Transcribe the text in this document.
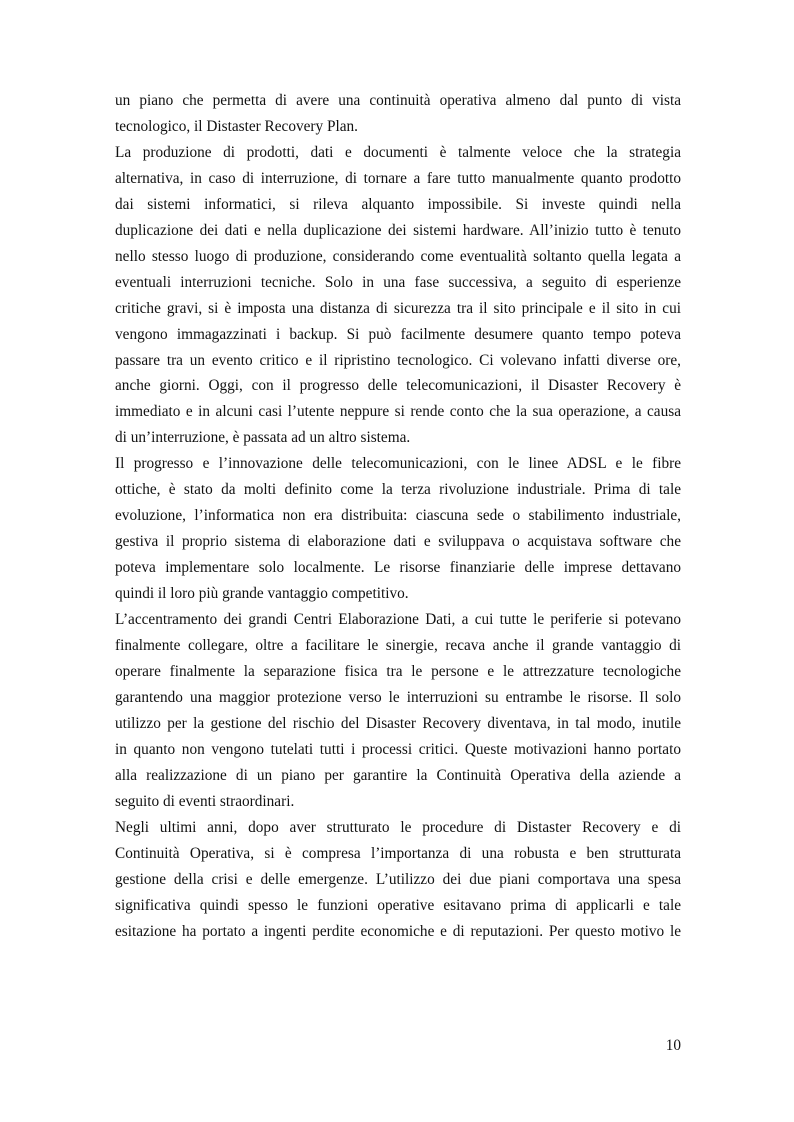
un piano che permetta di avere una continuità operativa almeno dal punto di vista
tecnologico, il Distaster Recovery Plan.

La produzione di prodotti, dati e documenti è talmente veloce che la strategia
alternativa, in caso di interruzione, di tornare a fare tutto manualmente quanto prodotto
dai sistemi informatici, si rileva alquanto impossibile. Si investe quindi nella
duplicazione dei dati e nella duplicazione dei sistemi hardware. All’inizio tutto è tenuto
nello stesso luogo di produzione, considerando come eventualità soltanto quella legata a
eventuali interruzioni tecniche. Solo in una fase successiva, a seguito di esperienze
critiche gravi, si è imposta una distanza di sicurezza tra il sito principale e il sito in cui
vengono immagazzinati i backup. Si può facilmente desumere quanto tempo poteva
passare tra un evento critico e il ripristino tecnologico. Ci volevano infatti diverse ore,
anche giorni. Oggi, con il progresso delle telecomunicazioni, il Disaster Recovery è
immediato e in alcuni casi l’utente neppure si rende conto che la sua operazione, a causa
di un’interruzione, è passata ad un altro sistema.

Il progresso e l’innovazione delle telecomunicazioni, con le linee ADSL e le fibre
ottiche, è stato da molti definito come la terza rivoluzione industriale. Prima di tale
evoluzione, l’informatica non era distribuita: ciascuna sede o stabilimento industriale,
gestiva il proprio sistema di elaborazione dati e sviluppava o acquistava software che
poteva implementare solo localmente. Le risorse finanziarie delle imprese dettavano
quindi il loro più grande vantaggio competitivo.

L’accentramento dei grandi Centri Elaborazione Dati, a cui tutte le periferie si potevano
finalmente collegare, oltre a facilitare le sinergie, recava anche il grande vantaggio di
operare finalmente la separazione fisica tra le persone e le attrezzature tecnologiche
garantendo una maggior protezione verso le interruzioni su entrambe le risorse. Il solo
utilizzo per la gestione del rischio del Disaster Recovery diventava, in tal modo, inutile
in quanto non vengono tutelati tutti i processi critici. Queste motivazioni hanno portato
alla realizzazione di un piano per garantire la Continuità Operativa della aziende a
seguito di eventi straordinari.

Negli ultimi anni, dopo aver strutturato le procedure di Distaster Recovery e di
Continuità Operativa, si è compresa l’importanza di una robusta e ben strutturata
gestione della crisi e delle emergenze. L’utilizzo dei due piani comportava una spesa
significativa quindi spesso le funzioni operative esitavano prima di applicarli e tale
esitazione ha portato a ingenti perdite economiche e di reputazioni. Per questo motivo le

10
